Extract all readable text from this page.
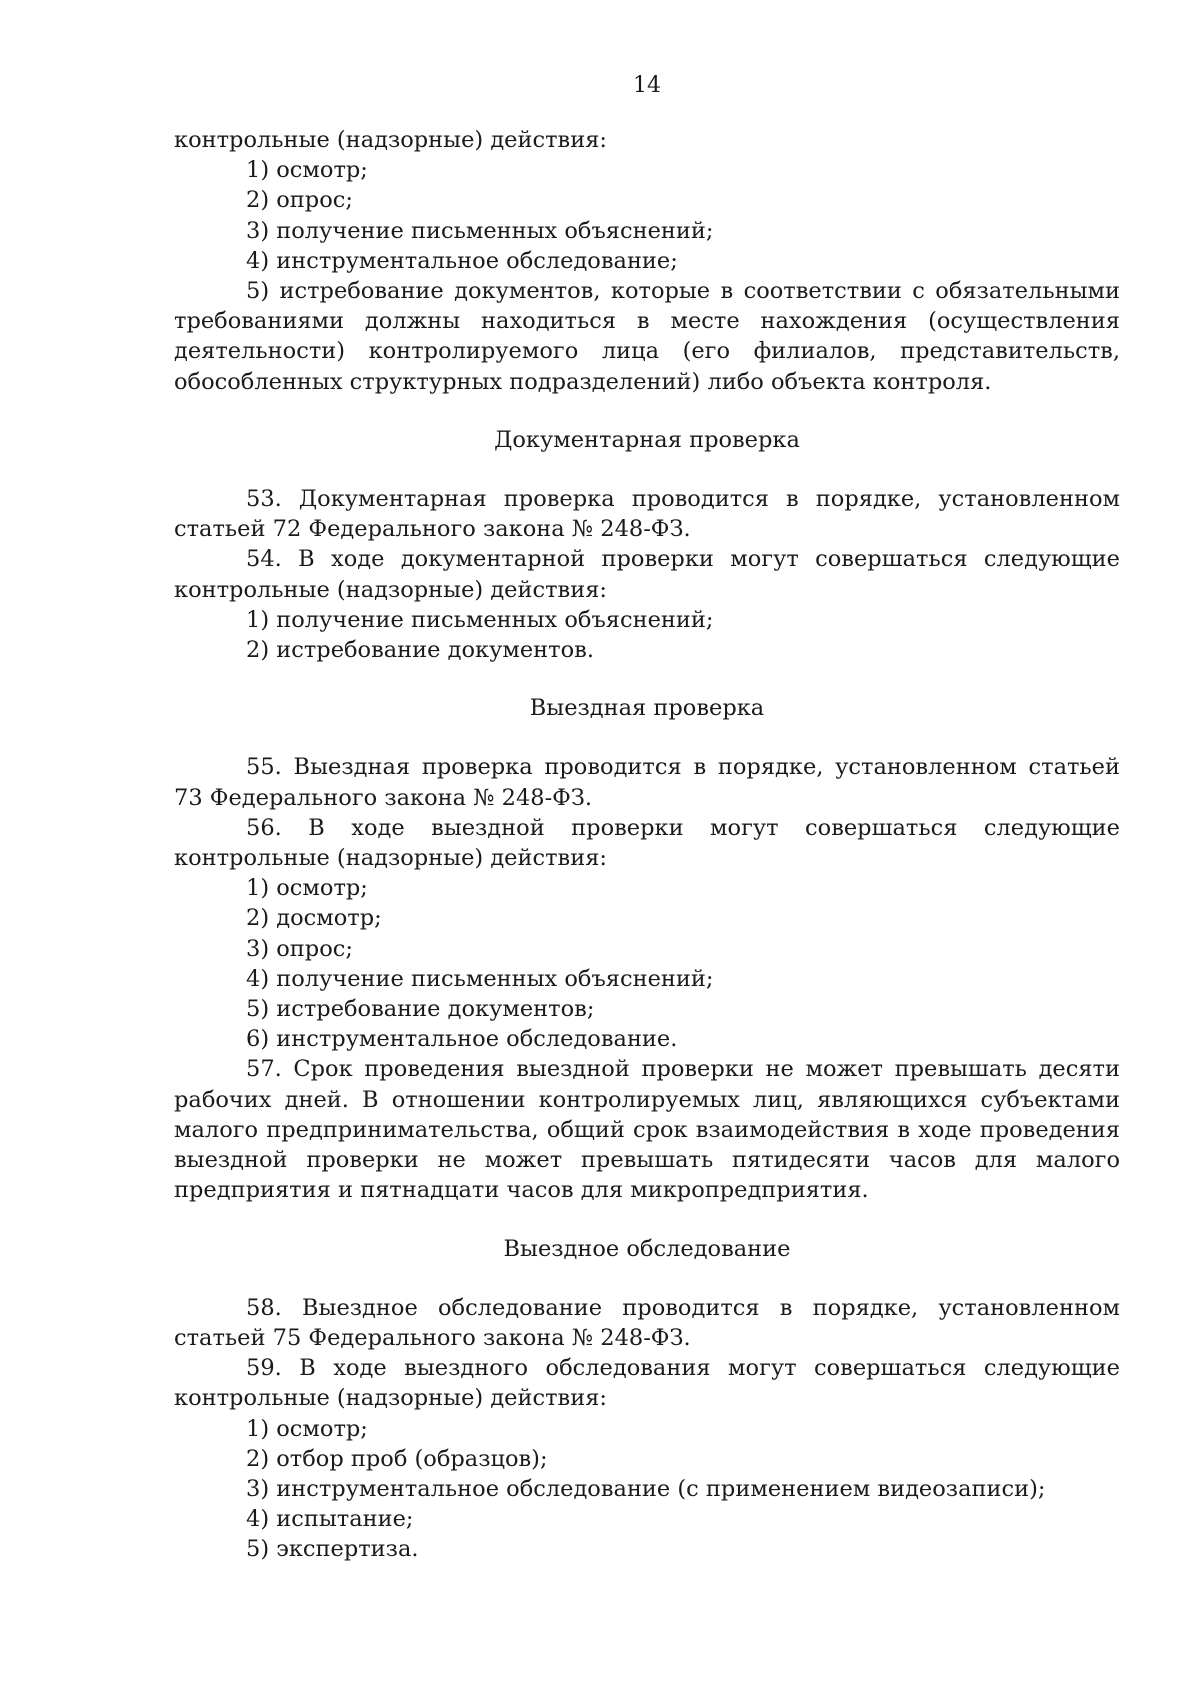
14

контрольные (надзорные) действия:

1) осмотр;

2) опрос;

3) получение письменных объяснений;

4) инструментальное обследование;

5) истребование документов, которые в соответствии с обязательными требованиями должны находиться в месте нахождения (осуществления деятельности) контролируемого лица (его филиалов, представительств, обособленных структурных подразделений) либо объекта контроля.

Документарная проверка

53. Документарная проверка проводится в порядке, установленном статьей 72 Федерального закона № 248-ФЗ.

54. В ходе документарной проверки могут совершаться следующие контрольные (надзорные) действия:

1) получение письменных объяснений;

2) истребование документов.

Выездная проверка

55. Выездная проверка проводится в порядке, установленном статьей 73 Федерального закона № 248-ФЗ.

56. В ходе выездной проверки могут совершаться следующие контрольные (надзорные) действия:

1) осмотр;

2) досмотр;

3) опрос;

4) получение письменных объяснений;

5) истребование документов;

6) инструментальное обследование.

57. Срок проведения выездной проверки не может превышать десяти рабочих дней. В отношении контролируемых лиц, являющихся субъектами малого предпринимательства, общий срок взаимодействия в ходе проведения выездной проверки не может превышать пятидесяти часов для малого предприятия и пятнадцати часов для микропредприятия.

Выездное обследование

58. Выездное обследование проводится в порядке, установленном статьей 75 Федерального закона № 248-ФЗ.

59. В ходе выездного обследования могут совершаться следующие контрольные (надзорные) действия:

1) осмотр;

2) отбор проб (образцов);

3) инструментальное обследование (с применением видеозаписи);

4) испытание;

5) экспертиза.
